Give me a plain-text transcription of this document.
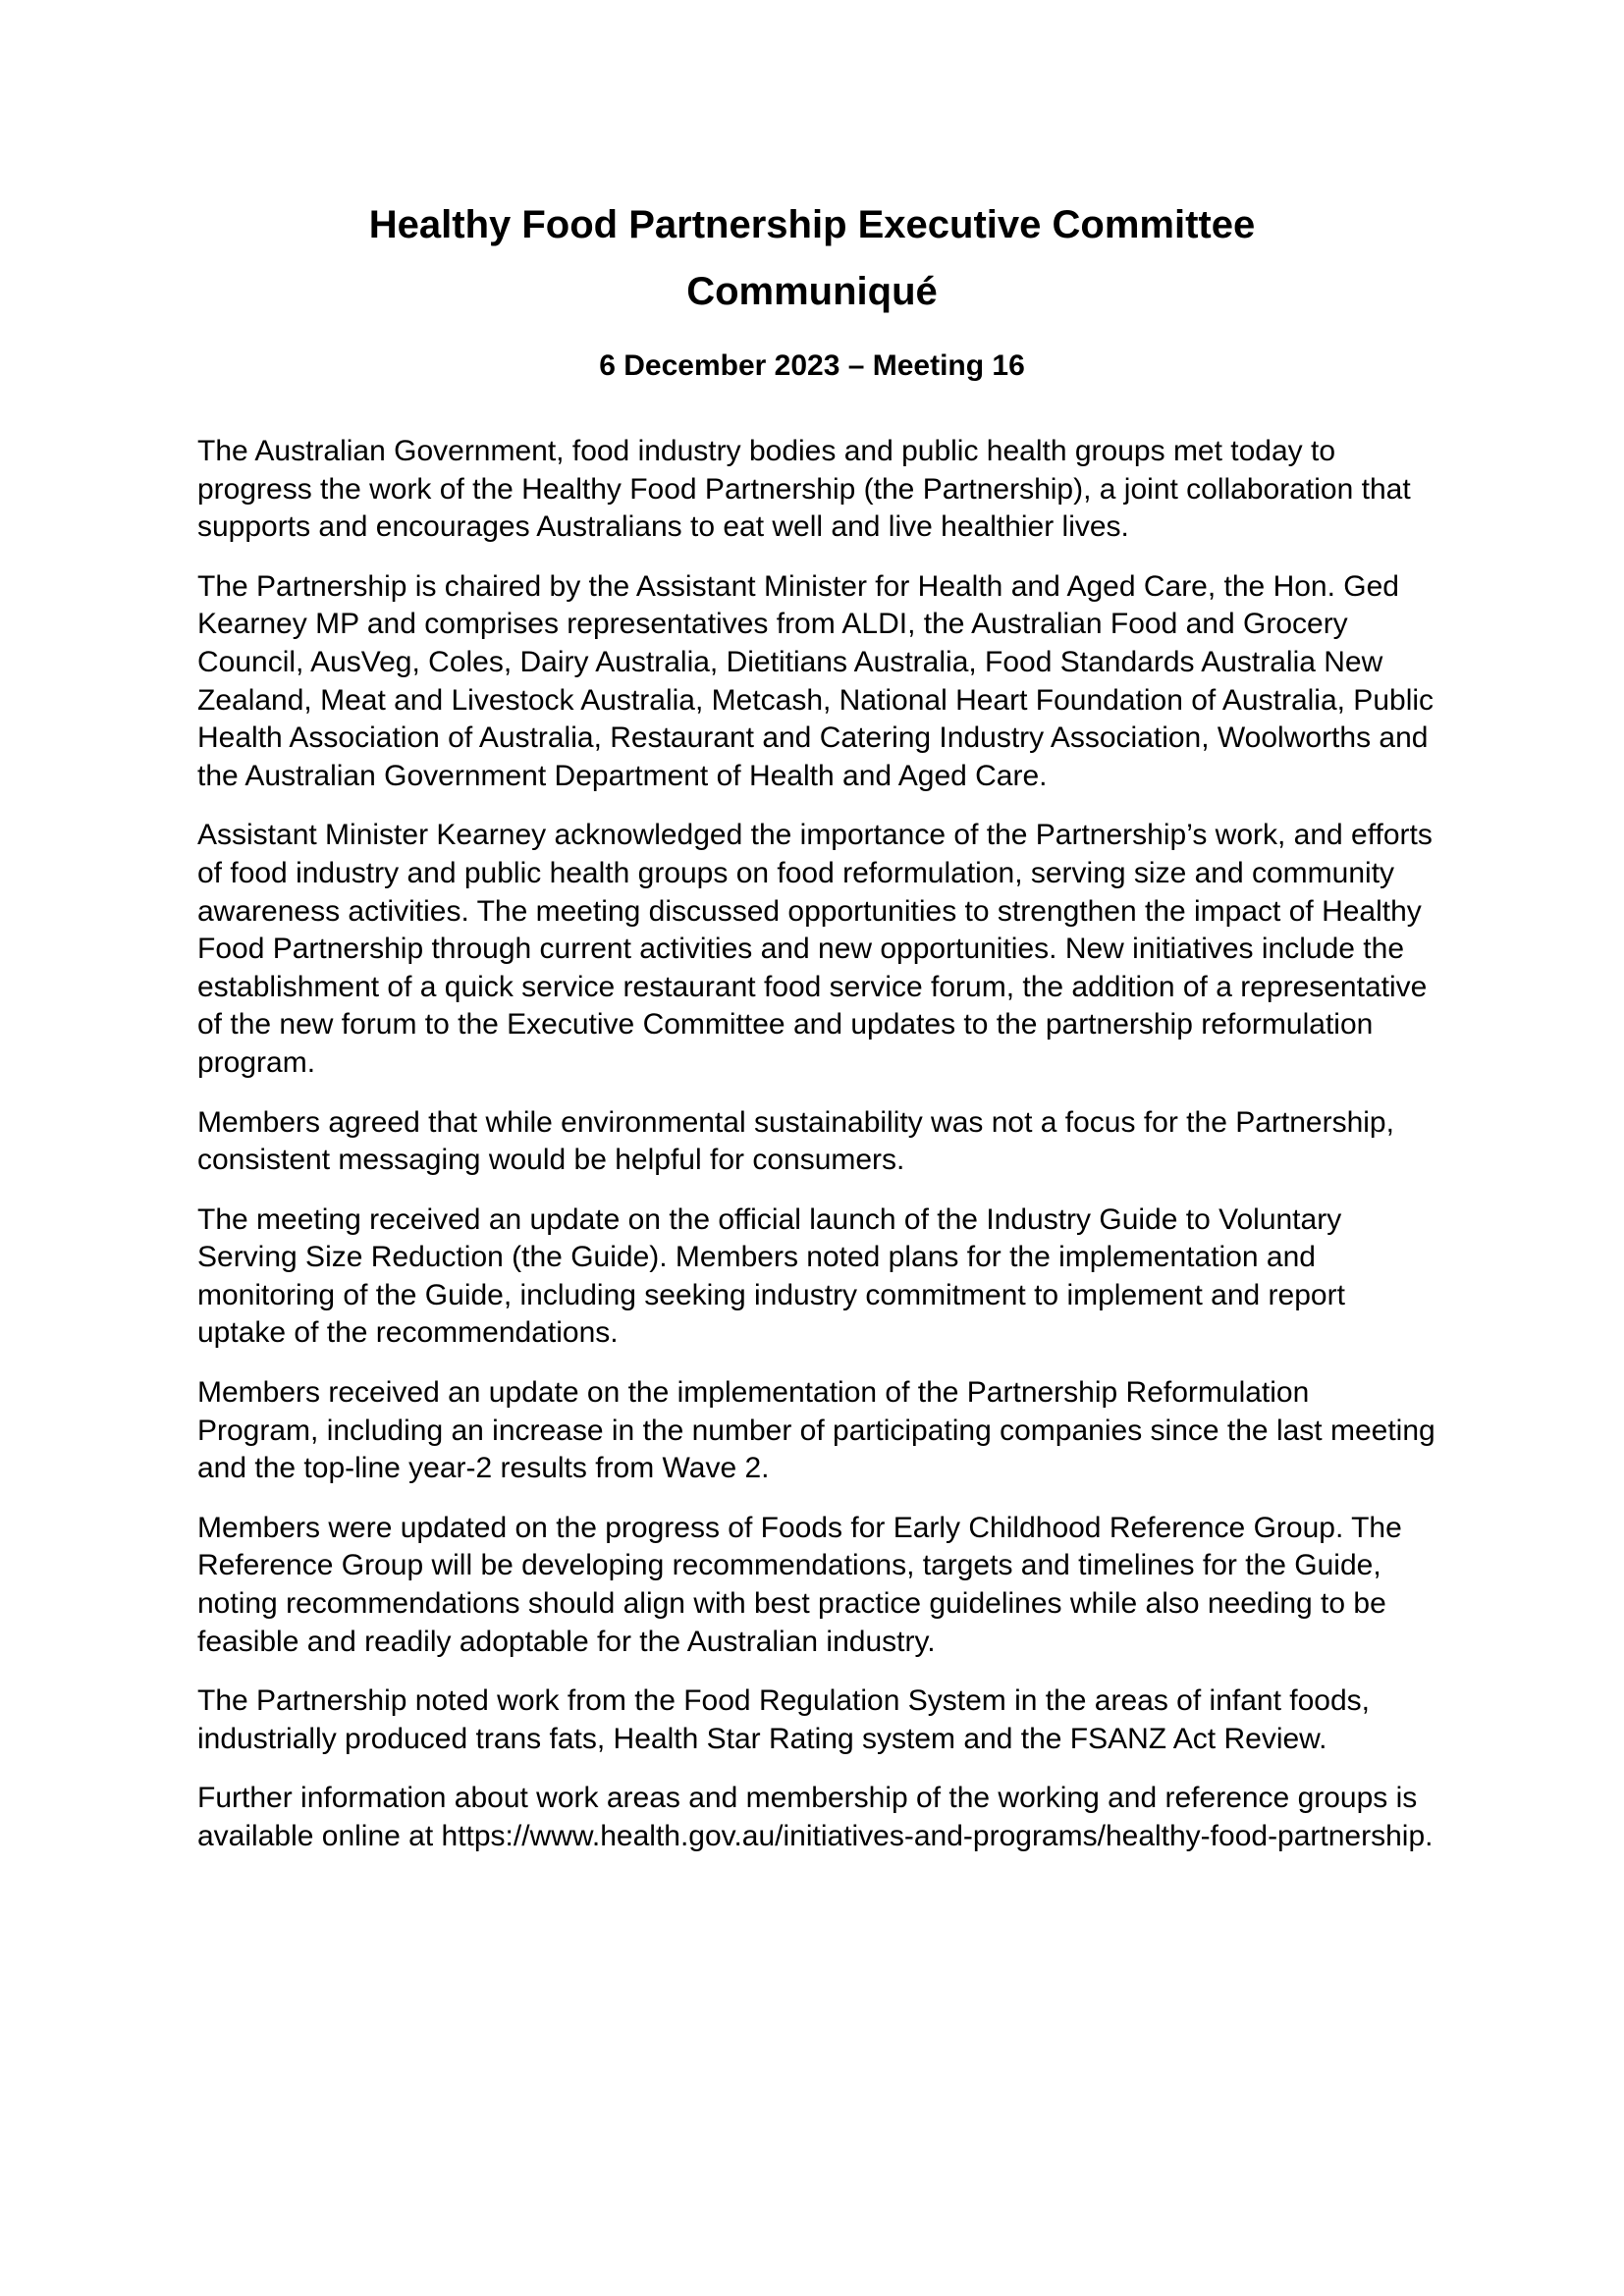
Healthy Food Partnership Executive Committee
Communiqué
6 December 2023 – Meeting 16

The Australian Government, food industry bodies and public health groups met today to progress the work of the Healthy Food Partnership (the Partnership), a joint collaboration that supports and encourages Australians to eat well and live healthier lives.

The Partnership is chaired by the Assistant Minister for Health and Aged Care, the Hon. Ged Kearney MP and comprises representatives from ALDI, the Australian Food and Grocery Council, AusVeg, Coles, Dairy Australia, Dietitians Australia, Food Standards Australia New Zealand, Meat and Livestock Australia, Metcash, National Heart Foundation of Australia, Public Health Association of Australia, Restaurant and Catering Industry Association, Woolworths and the Australian Government Department of Health and Aged Care.

Assistant Minister Kearney acknowledged the importance of the Partnership’s work, and efforts of food industry and public health groups on food reformulation, serving size and community awareness activities. The meeting discussed opportunities to strengthen the impact of Healthy Food Partnership through current activities and new opportunities. New initiatives include the establishment of a quick service restaurant food service forum, the addition of a representative of the new forum to the Executive Committee and updates to the partnership reformulation program.

Members agreed that while environmental sustainability was not a focus for the Partnership, consistent messaging would be helpful for consumers.

The meeting received an update on the official launch of the Industry Guide to Voluntary Serving Size Reduction (the Guide). Members noted plans for the implementation and monitoring of the Guide, including seeking industry commitment to implement and report uptake of the recommendations.

Members received an update on the implementation of the Partnership Reformulation Program, including an increase in the number of participating companies since the last meeting and the top-line year-2 results from Wave 2.

Members were updated on the progress of Foods for Early Childhood Reference Group. The Reference Group will be developing recommendations, targets and timelines for the Guide, noting recommendations should align with best practice guidelines while also needing to be feasible and readily adoptable for the Australian industry.

The Partnership noted work from the Food Regulation System in the areas of infant foods, industrially produced trans fats, Health Star Rating system and the FSANZ Act Review.

Further information about work areas and membership of the working and reference groups is available online at https://www.health.gov.au/initiatives-and-programs/healthy-food-partnership.
